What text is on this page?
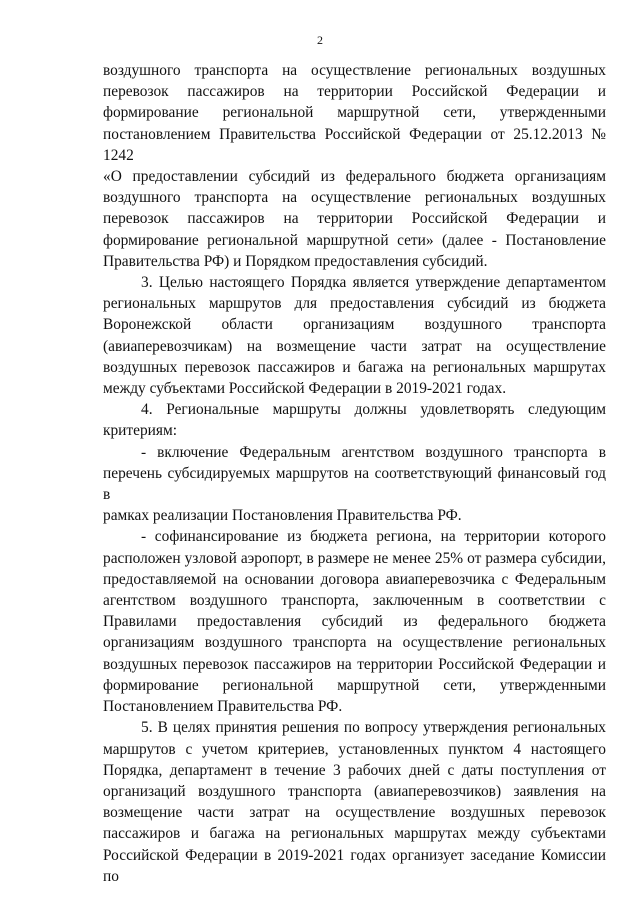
2

воздушного транспорта на осуществление региональных воздушных

перевозок пассажиров на территории Российской Федерации и

формирование региональной маршрутной сети, утвержденными

постановлением Правительства Российской Федерации от 25.12.2013 № 1242

«О предоставлении субсидий из федерального бюджета организациям

воздушного транспорта на осуществление региональных воздушных

перевозок пассажиров на территории Российской Федерации и

формирование региональной маршрутной сети» (далее - Постановление

Правительства РФ) и Порядком предоставления субсидий.

3. Целью настоящего Порядка является утверждение департаментом

региональных маршрутов для предоставления субсидий из бюджета

Воронежской области организациям воздушного транспорта

(авиаперевозчикам) на возмещение части затрат на осуществление

воздушных перевозок пассажиров и багажа на региональных маршрутах

между субъектами Российской Федерации в 2019-2021 годах.

4. Региональные маршруты должны удовлетворять следующим

критериям:

- включение Федеральным агентством воздушного транспорта в

перечень субсидируемых маршрутов на соответствующий финансовый год в

рамках реализации Постановления Правительства РФ.

- софинансирование из бюджета региона, на территории которого

расположен узловой аэропорт, в размере не менее 25% от размера субсидии,

предоставляемой на основании договора авиаперевозчика с Федеральным

агентством воздушного транспорта, заключенным в соответствии с

Правилами предоставления субсидий из федерального бюджета

организациям воздушного транспорта на осуществление региональных

воздушных перевозок пассажиров на территории Российской Федерации и

формирование региональной маршрутной сети, утвержденными

Постановлением Правительства РФ.

5. В целях принятия решения по вопросу утверждения региональных

маршрутов с учетом критериев, установленных пунктом 4 настоящего

Порядка, департамент в течение 3 рабочих дней с даты поступления от

организаций воздушного транспорта (авиаперевозчиков) заявления на

возмещение части затрат на осуществление воздушных перевозок

пассажиров и багажа на региональных маршрутах между субъектами

Российской Федерации в 2019-2021 годах организует заседание Комиссии по
